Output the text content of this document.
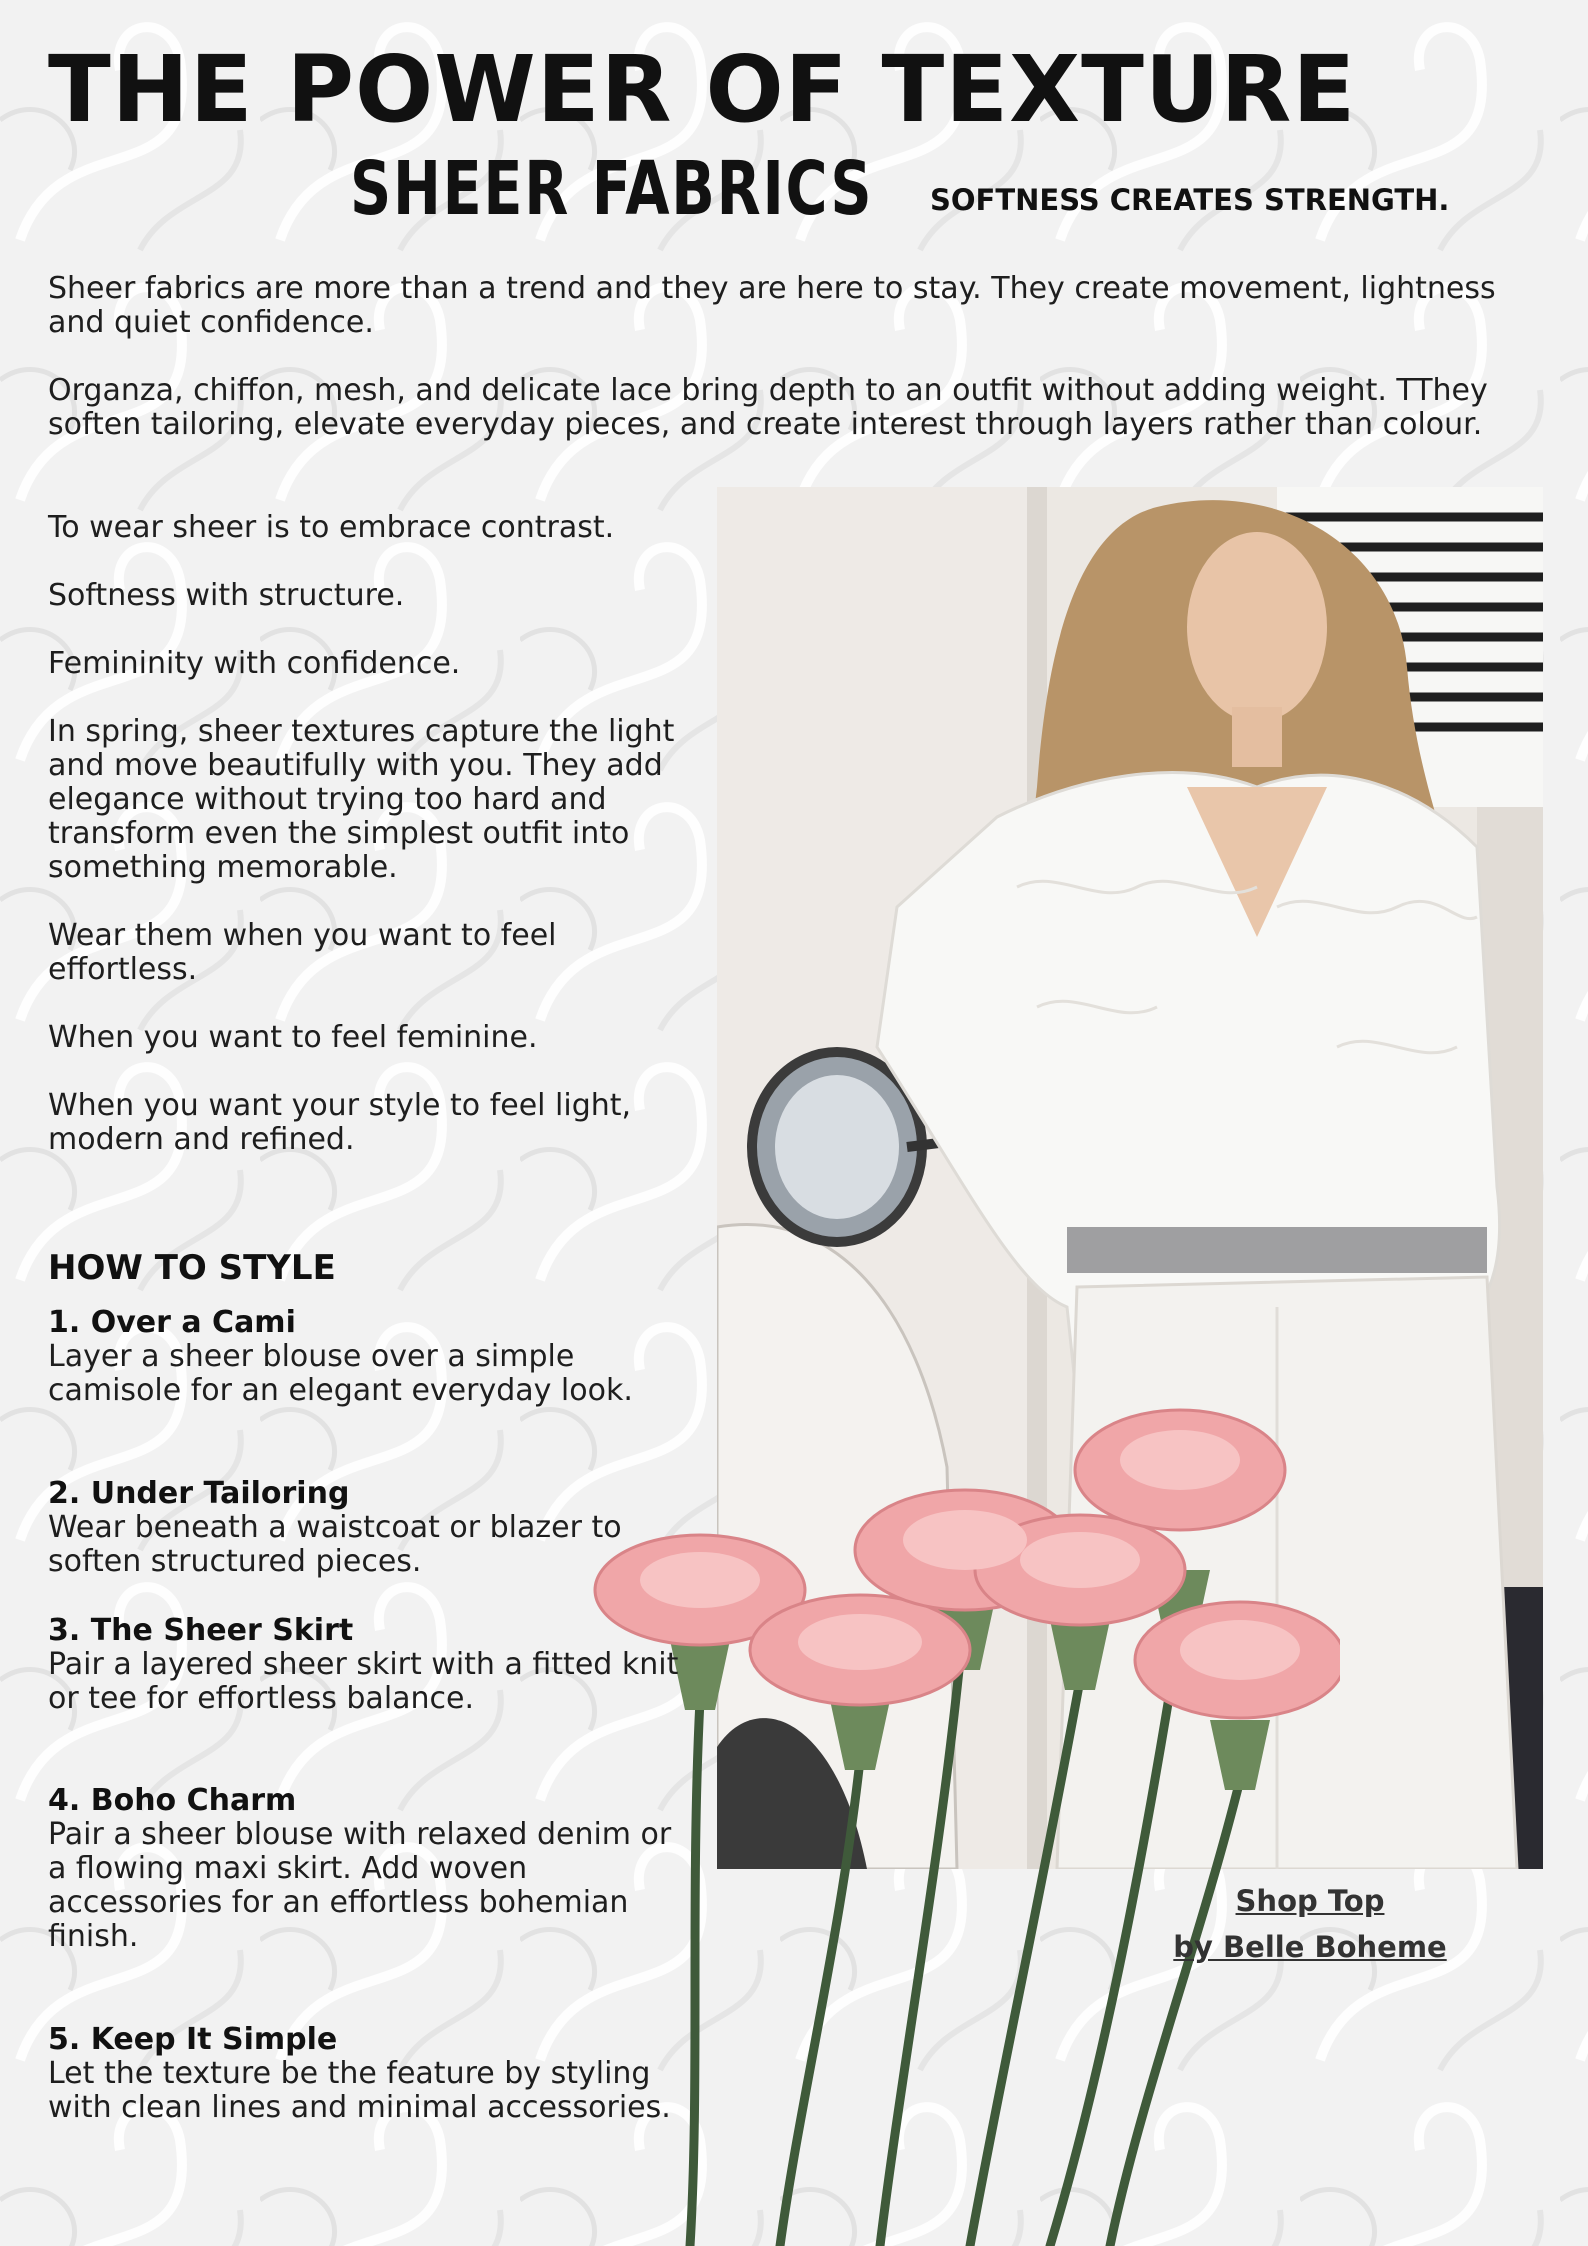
THE POWER OF TEXTURE
SHEER FABRICS SOFTNESS CREATES STRENGTH.

Sheer fabrics are more than a trend and they are here to stay. They create movement, lightness and quiet confidence.

Organza, chiffon, mesh, and delicate lace bring depth to an outfit without adding weight. TThey soften tailoring, elevate everyday pieces, and create interest through layers rather than colour.

To wear sheer is to embrace contrast.

Softness with structure.

Femininity with confidence.

In spring, sheer textures capture the light and move beautifully with you. They add elegance without trying too hard and transform even the simplest outfit into something memorable.

Wear them when you want to feel effortless.

When you want to feel feminine.

When you want your style to feel light, modern and refined.

HOW TO STYLE
1. Over a Cami
Layer a sheer blouse over a simple camisole for an elegant everyday look.
2. Under Tailoring
Wear beneath a waistcoat or blazer to soften structured pieces.
3. The Sheer Skirt
Pair a layered sheer skirt with a fitted knit or tee for effortless balance.
4. Boho Charm
Pair a sheer blouse with relaxed denim or a flowing maxi skirt. Add woven accessories for an effortless bohemian finish.
5. Keep It Simple
Let the texture be the feature by styling with clean lines and minimal accessories.
Shop Top
by Belle Boheme
